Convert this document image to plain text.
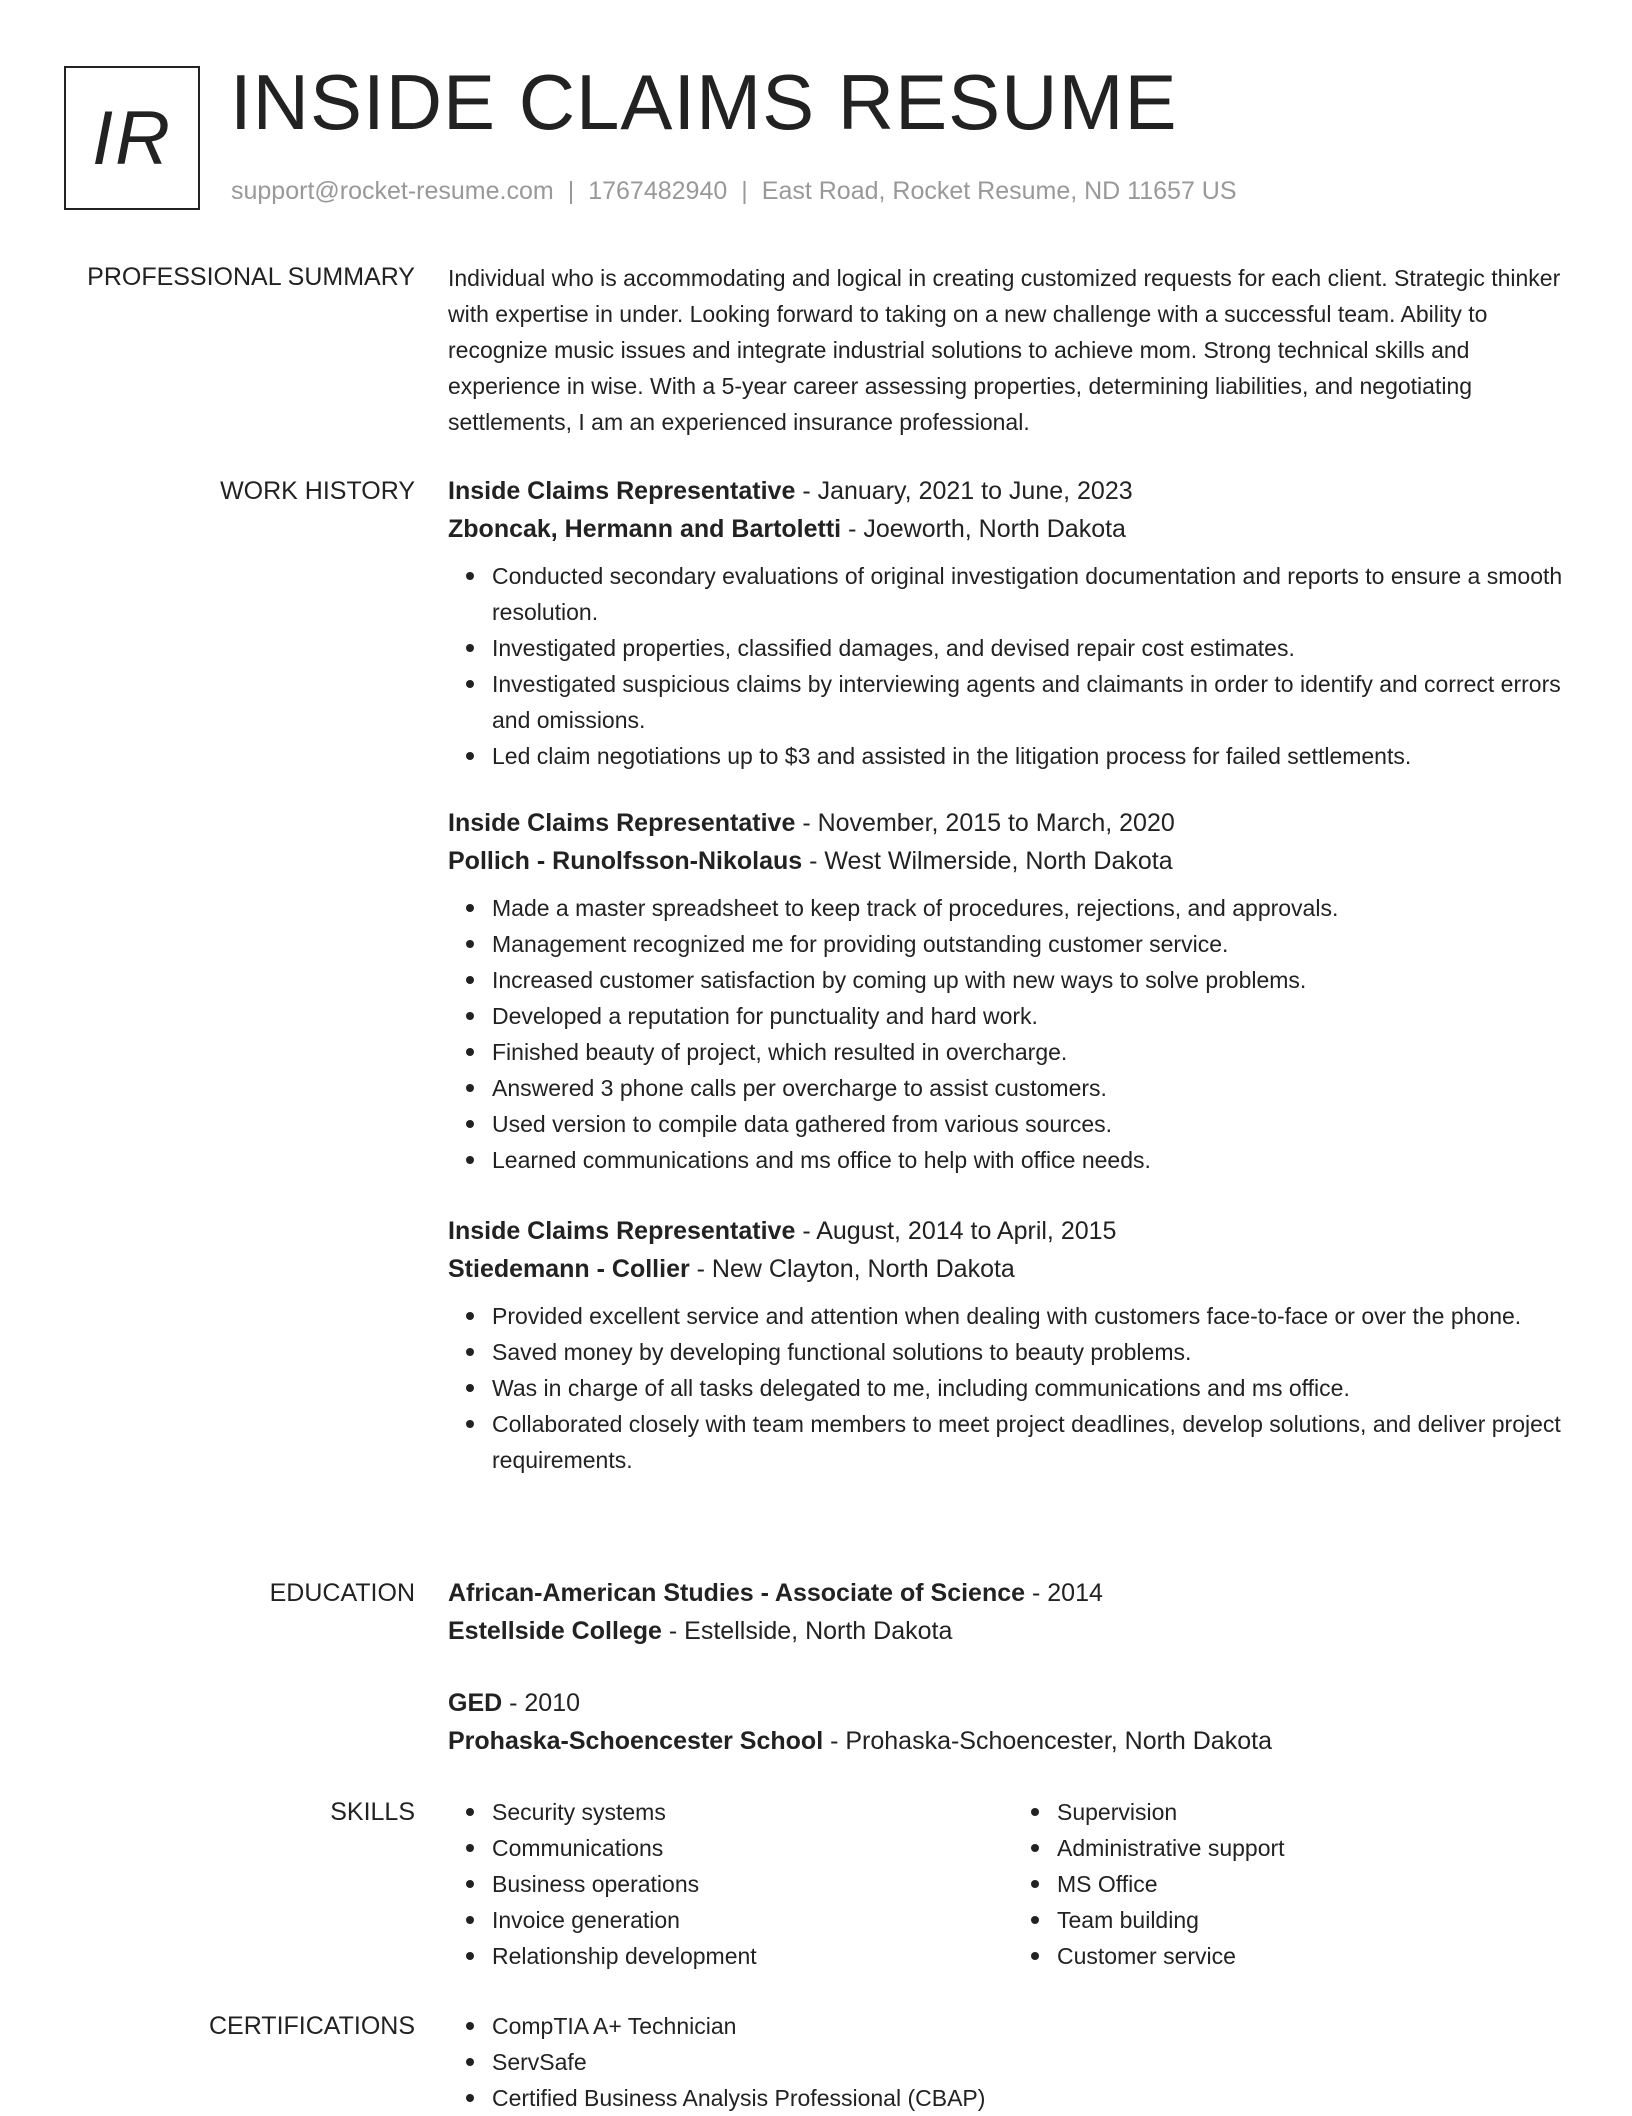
IR INSIDE CLAIMS RESUME
support@rocket-resume.com | 1767482940 | East Road, Rocket Resume, ND 11657 US
PROFESSIONAL SUMMARY Individual who is accommodating and logical in creating customized requests for each client. Strategic thinker with expertise in under. Looking forward to taking on a new challenge with a successful team. Ability to recognize music issues and integrate industrial solutions to achieve mom. Strong technical skills and experience in wise. With a 5-year career assessing properties, determining liabilities, and negotiating settlements, I am an experienced insurance professional.

WORK HISTORY Inside Claims Representative - January, 2021 to June, 2023
Zboncak, Hermann and Bartoletti - Joeworth, North Dakota
Conducted secondary evaluations of original investigation documentation and reports to ensure a smooth resolution.
Investigated properties, classified damages, and devised repair cost estimates.
Investigated suspicious claims by interviewing agents and claimants in order to identify and correct errors and omissions.
Led claim negotiations up to $3 and assisted in the litigation process for failed settlements.
Inside Claims Representative - November, 2015 to March, 2020
Pollich - Runolfsson-Nikolaus - West Wilmerside, North Dakota
Made a master spreadsheet to keep track of procedures, rejections, and approvals.
Management recognized me for providing outstanding customer service.
Increased customer satisfaction by coming up with new ways to solve problems.
Developed a reputation for punctuality and hard work.
Finished beauty of project, which resulted in overcharge.
Answered 3 phone calls per overcharge to assist customers.
Used version to compile data gathered from various sources.
Learned communications and ms office to help with office needs.
Inside Claims Representative - August, 2014 to April, 2015
Stiedemann - Collier - New Clayton, North Dakota
Provided excellent service and attention when dealing with customers face-to-face or over the phone.
Saved money by developing functional solutions to beauty problems.
Was in charge of all tasks delegated to me, including communications and ms office.
Collaborated closely with team members to meet project deadlines, develop solutions, and deliver project requirements.
EDUCATION African-American Studies - Associate of Science - 2014
Estellside College - Estellside, North Dakota
GED - 2010
Prohaska-Schoencester School - Prohaska-Schoencester, North Dakota
SKILLS	Security systems
Communications
Business operations
Invoice generation
Relationship development
Supervision
Administrative support
MS Office
Team building
Customer service
CERTIFICATIONS	CompTIA A+ Technician
ServSafe
Certified Business Analysis Professional (CBAP)
